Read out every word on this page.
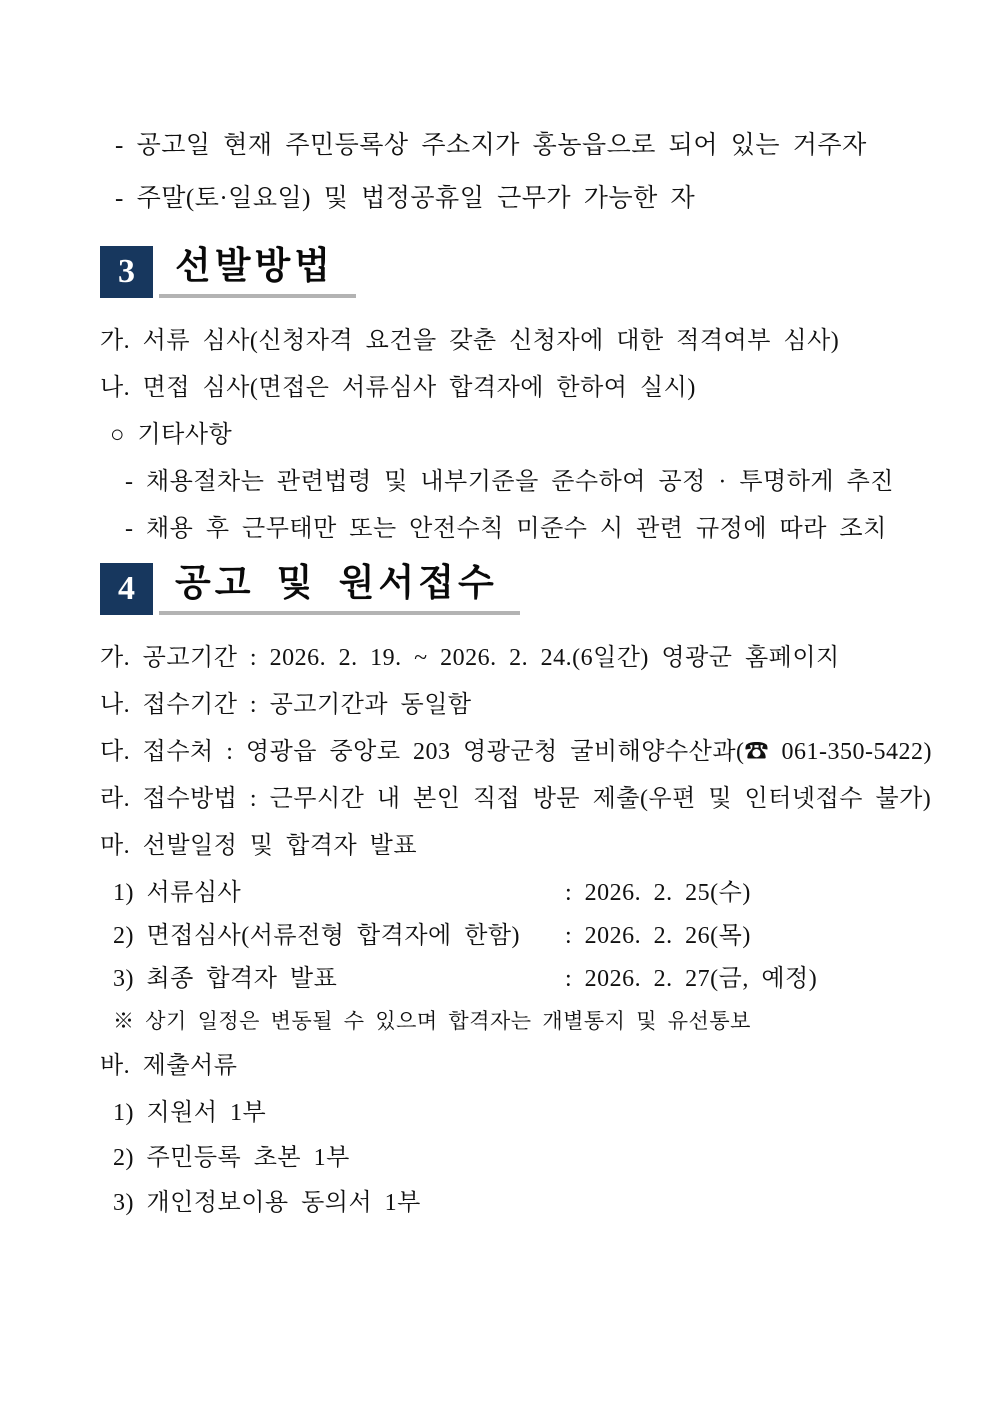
- 공고일 현재 주민등록상 주소지가 홍농읍으로 되어 있는 거주자

- 주말(토·일요일) 및 법정공휴일 근무가 가능한 자

3	선발방법

가. 서류 심사(신청자격 요건을 갖춘 신청자에 대한 적격여부 심사)

나. 면접 심사(면접은 서류심사 합격자에 한하여 실시)

○ 기타사항

- 채용절차는 관련법령 및 내부기준을 준수하여 공정 · 투명하게 추진

- 채용 후 근무태만 또는 안전수칙 미준수 시 관련 규정에 따라 조치

4	공고 및 원서접수

가. 공고기간 : 2026. 2. 19. ~ 2026. 2. 24.(6일간) 영광군 홈페이지

나. 접수기간 : 공고기간과 동일함

다. 접수처 : 영광읍 중앙로 203 영광군청 굴비해양수산과(☎ 061-350-5422)

라. 접수방법 : 근무시간 내 본인 직접 방문 제출(우편 및 인터넷접수 불가)

마. 선발일정 및 합격자 발표

1) 서류심사	: 2026. 2. 25(수)
2) 면접심사(서류전형 합격자에 한함) : 2026. 2. 26(목)
3) 최종 합격자 발표	: 2026. 2. 27(금, 예정)

※ 상기 일정은 변동될 수 있으며 합격자는 개별통지 및 유선통보

바. 제출서류

1) 지원서 1부

2) 주민등록 초본 1부

3) 개인정보이용 동의서 1부
